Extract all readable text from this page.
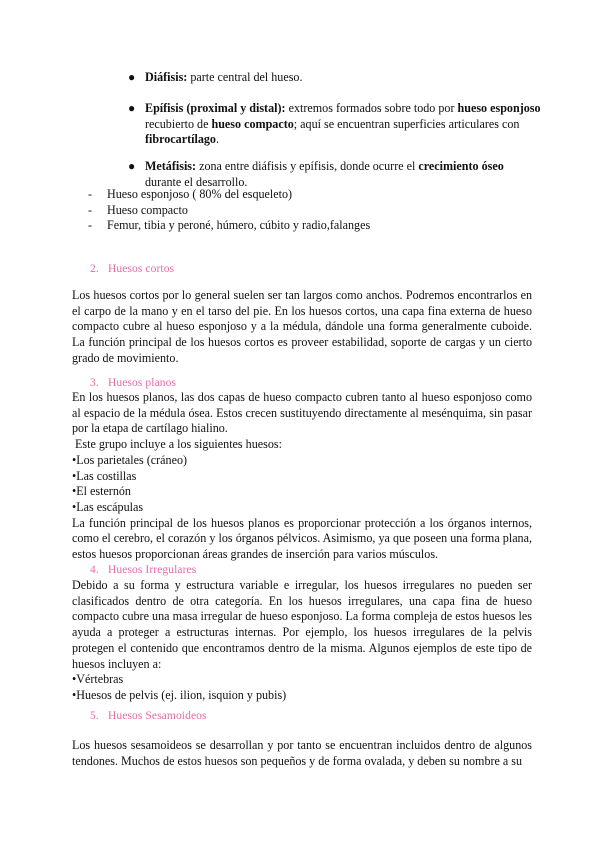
● Diáfisis: parte central del hueso.
● Epífisis (proximal y distal): extremos formados sobre todo por hueso esponjoso recubierto de hueso compacto; aquí se encuentran superficies articulares con fibrocartílago.
● Metáfisis: zona entre diáfisis y epífisis, donde ocurre el crecimiento óseo durante el desarrollo.
- Hueso esponjoso ( 80% del esqueleto)
- Hueso compacto
- Femur, tibia y peroné, húmero, cúbito y radio,falanges
2. Huesos cortos

Los huesos cortos por lo general suelen ser tan largos como anchos. Podremos encontrarlos en el carpo de la mano y en el tarso del pie. En los huesos cortos, una capa fina externa de hueso compacto cubre al hueso esponjoso y a la médula, dándole una forma generalmente cuboide. La función principal de los huesos cortos es proveer estabilidad, soporte de cargas y un cierto grado de movimiento.

3. Huesos planos

En los huesos planos, las dos capas de hueso compacto cubren tanto al hueso esponjoso como al espacio de la médula ósea. Estos crecen sustituyendo directamente al mesénquima, sin pasar por la etapa de cartílago hialino.

Este grupo incluye a los siguientes huesos:

•Los parietales (cráneo)

•Las costillas

•El esternón

•Las escápulas

La función principal de los huesos planos es proporcionar protección a los órganos internos, como el cerebro, el corazón y los órganos pélvicos. Asimismo, ya que poseen una forma plana, estos huesos proporcionan áreas grandes de inserción para varios músculos.

4. Huesos Irregulares

Debido a su forma y estructura variable e irregular, los huesos irregulares no pueden ser clasificados dentro de otra categoría. En los huesos irregulares, una capa fina de hueso compacto cubre una masa irregular de hueso esponjoso. La forma compleja de estos huesos les ayuda a proteger a estructuras internas. Por ejemplo, los huesos irregulares de la pelvis protegen el contenido que encontramos dentro de la misma. Algunos ejemplos de este tipo de huesos incluyen a:

•Vértebras

•Huesos de pelvis (ej. ilion, isquion y pubis)

5. Huesos Sesamoideos

Los huesos sesamoideos se desarrollan y por tanto se encuentran incluidos dentro de algunos tendones. Muchos de estos huesos son pequeños y de forma ovalada, y deben su nombre a su
